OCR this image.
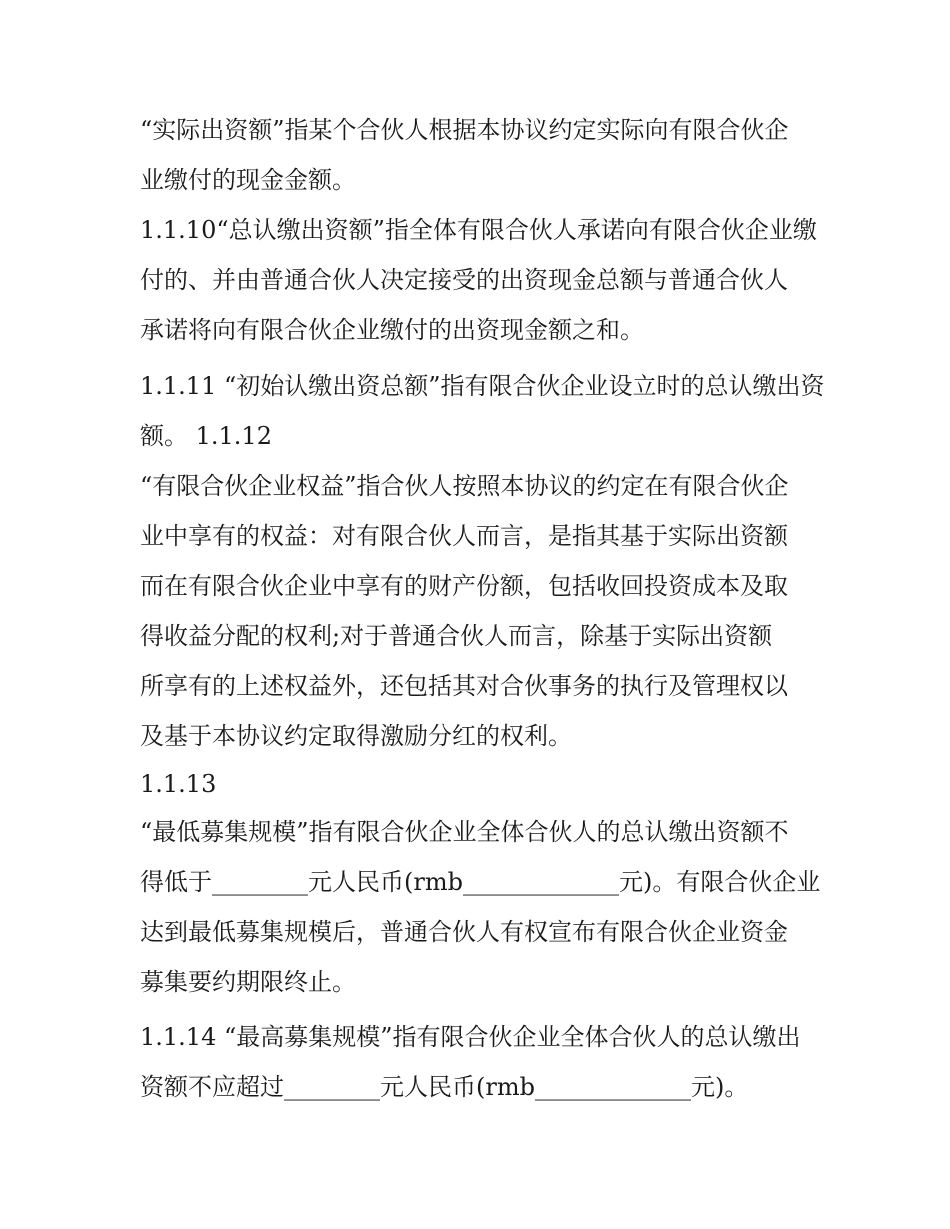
“实际出资额”指某个合伙人根据本协议约定实际向有限合伙企

业缴付的现金金额。

1.1.10“总认缴出资额”指全体有限合伙人承诺向有限合伙企业缴

付的、并由普通合伙人决定接受的出资现金总额与普通合伙人

承诺将向有限合伙企业缴付的出资现金额之和。

1.1.11 “初始认缴出资总额”指有限合伙企业设立时的总认缴出资

额。 1.1.12

“有限合伙企业权益”指合伙人按照本协议的约定在有限合伙企

业中享有的权益：对有限合伙人而言，是指其基于实际出资额

而在有限合伙企业中享有的财产份额，包括收回投资成本及取

得收益分配的权利;对于普通合伙人而言，除基于实际出资额

所享有的上述权益外，还包括其对合伙事务的执行及管理权以

及基于本协议约定取得激励分红的权利。

1.1.13

“最低募集规模”指有限合伙企业全体合伙人的总认缴出资额不

得低于________元人民币(rmb_____________元)。有限合伙企业

达到最低募集规模后，普通合伙人有权宣布有限合伙企业资金

募集要约期限终止。

1.1.14 “最高募集规模”指有限合伙企业全体合伙人的总认缴出

资额不应超过________元人民币(rmb_____________元)。
